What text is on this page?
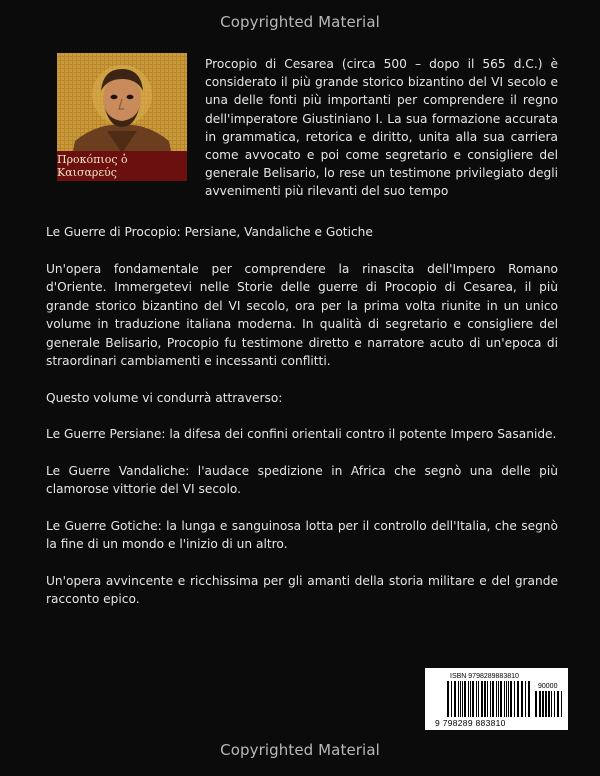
Copyrighted Material
Προκόπιος ὁ Καισαρεύς

Procopio di Cesarea (circa 500 – dopo il 565 d.C.) è considerato il più grande storico bizantino del VI secolo e una delle fonti più importanti per comprendere il regno dell'imperatore Giustiniano I. La sua formazione accurata in grammatica, retorica e diritto, unita alla sua carriera come avvocato e poi come segretario e consigliere del generale Belisario, lo rese un testimone privilegiato degli avvenimenti più rilevanti del suo tempo

Le Guerre di Procopio: Persiane, Vandaliche e Gotiche

Un'opera fondamentale per comprendere la rinascita dell'Impero Romano d'Oriente. Immergetevi nelle Storie delle guerre di Procopio di Cesarea, il più grande storico bizantino del VI secolo, ora per la prima volta riunite in un unico volume in traduzione italiana moderna. In qualità di segretario e consigliere del generale Belisario, Procopio fu testimone diretto e narratore acuto di un'epoca di straordinari cambiamenti e incessanti conflitti.

Questo volume vi condurrà attraverso:

Le Guerre Persiane: la difesa dei confini orientali contro il potente Impero Sasanide.

Le Guerre Vandaliche: l'audace spedizione in Africa che segnò una delle più clamorose vittorie del VI secolo.

Le Guerre Gotiche: la lunga e sanguinosa lotta per il controllo dell'Italia, che segnò la fine di un mondo e l'inizio di un altro.

Un'opera avvincente e ricchissima per gli amanti della storia militare e del grande racconto epico.

ISBN 9798289883810
90000
9 798289 883810
Copyrighted Material
